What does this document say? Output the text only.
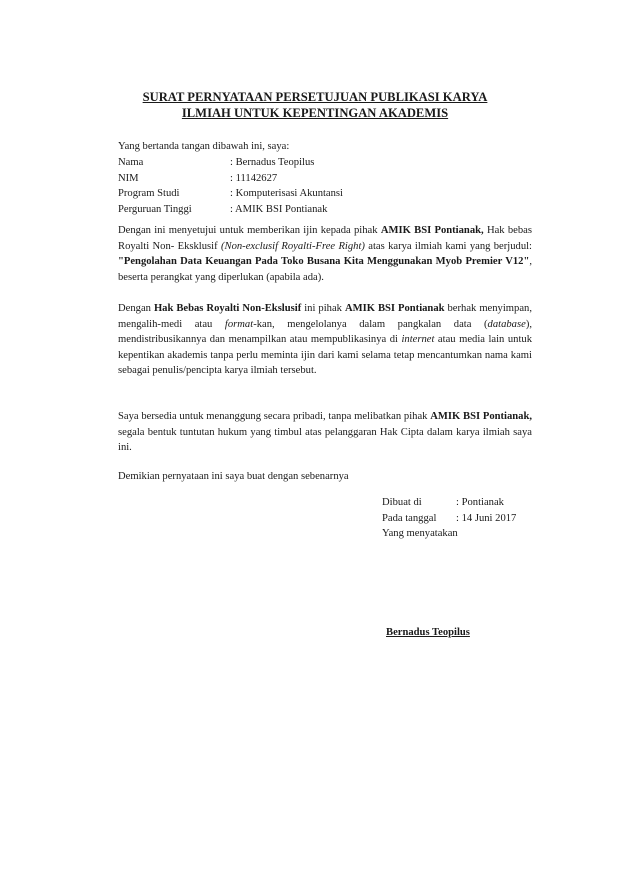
SURAT PERNYATAAN PERSETUJUAN PUBLIKASI KARYA
ILMIAH UNTUK KEPENTINGAN AKADEMIS
Yang bertanda tangan dibawah ini, saya:
Nama	: Bernadus Teopilus
NIM	: 11142627
Program Studi	: Komputerisasi Akuntansi
Perguruan Tinggi	: AMIK BSI Pontianak

Dengan ini menyetujui untuk memberikan ijin kepada pihak AMIK BSI Pontianak, Hak bebas Royalti Non- Eksklusif (Non-exclusif Royalti-Free Right) atas karya ilmiah kami yang berjudul: "Pengolahan Data Keuangan Pada Toko Busana Kita Menggunakan Myob Premier V12", beserta perangkat yang diperlukan (apabila ada).

Dengan Hak Bebas Royalti Non-Ekslusif ini pihak AMIK BSI Pontianak berhak menyimpan, mengalih-medi atau format-kan, mengelolanya dalam pangkalan data (database), mendistribusikannya dan menampilkan atau mempublikasinya di internet atau media lain untuk kepentikan akademis tanpa perlu meminta ijin dari kami selama tetap mencantumkan nama kami sebagai penulis/pencipta karya ilmiah tersebut.

Saya bersedia untuk menanggung secara pribadi, tanpa melibatkan pihak AMIK BSI Pontianak, segala bentuk tuntutan hukum yang timbul atas pelanggaran Hak Cipta dalam karya ilmiah saya ini.

Demikian pernyataan ini saya buat dengan sebenarnya

Dibuat di	: Pontianak
Pada tanggal	: 14 Juni 2017
Yang menyatakan	
Bernadus Teopilus
